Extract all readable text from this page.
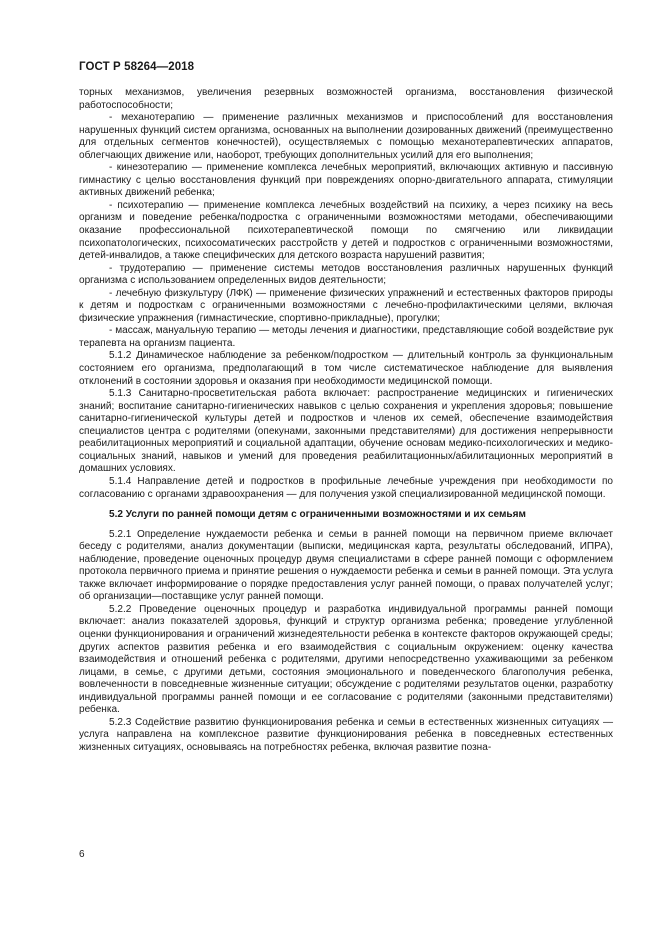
ГОСТ Р 58264—2018

торных механизмов, увеличения резервных возможностей организма, восстановления физической работоспособности;

- механотерапию — применение различных механизмов и приспособлений для восстановления нарушенных функций систем организма, основанных на выполнении дозированных движений (преимущественно для отдельных сегментов конечностей), осуществляемых с помощью механотерапевтических аппаратов, облегчающих движение или, наоборот, требующих дополнительных усилий для его выполнения;

- кинезотерапию — применение комплекса лечебных мероприятий, включающих активную и пассивную гимнастику с целью восстановления функций при повреждениях опорно-двигательного аппарата, стимуляции активных движений ребенка;

- психотерапию — применение комплекса лечебных воздействий на психику, а через психику на весь организм и поведение ребенка/подростка с ограниченными возможностями методами, обеспечивающими оказание профессиональной психотерапевтической помощи по смягчению или ликвидации психопатологических, психосоматических расстройств у детей и подростков с ограниченными возможностями, детей-инвалидов, а также специфических для детского возраста нарушений развития;

- трудотерапию — применение системы методов восстановления различных нарушенных функций организма с использованием определенных видов деятельности;

- лечебную физкультуру (ЛФК) — применение физических упражнений и естественных факторов природы к детям и подросткам с ограниченными возможностями с лечебно-профилактическими целями, включая физические упражнения (гимнастические, спортивно-прикладные), прогулки;

- массаж, мануальную терапию — методы лечения и диагностики, представляющие собой воздействие рук терапевта на организм пациента.

5.1.2 Динамическое наблюдение за ребенком/подростком — длительный контроль за функциональным состоянием его организма, предполагающий в том числе систематическое наблюдение для выявления отклонений в состоянии здоровья и оказания при необходимости медицинской помощи.

5.1.3 Санитарно-просветительская работа включает: распространение медицинских и гигиенических знаний; воспитание санитарно-гигиенических навыков с целью сохранения и укрепления здоровья; повышение санитарно-гигиенической культуры детей и подростков и членов их семей, обеспечение взаимодействия специалистов центра с родителями (опекунами, законными представителями) для достижения непрерывности реабилитационных мероприятий и социальной адаптации, обучение основам медико-психологических и медико-социальных знаний, навыков и умений для проведения реабилитационных/абилитационных мероприятий в домашних условиях.

5.1.4 Направление детей и подростков в профильные лечебные учреждения при необходимости по согласованию с органами здравоохранения — для получения узкой специализированной медицинской помощи.

5.2 Услуги по ранней помощи детям с ограниченными возможностями и их семьям

5.2.1 Определение нуждаемости ребенка и семьи в ранней помощи на первичном приеме включает беседу с родителями, анализ документации (выписки, медицинская карта, результаты обследований, ИПРА), наблюдение, проведение оценочных процедур двумя специалистами в сфере ранней помощи с оформлением протокола первичного приема и принятие решения о нуждаемости ребенка и семьи в ранней помощи. Эта услуга также включает информирование о порядке предоставления услуг ранней помощи, о правах получателей услуг; об организации—поставщике услуг ранней помощи.

5.2.2 Проведение оценочных процедур и разработка индивидуальной программы ранней помощи включает: анализ показателей здоровья, функций и структур организма ребенка; проведение углубленной оценки функционирования и ограничений жизнедеятельности ребенка в контексте факторов окружающей среды; других аспектов развития ребенка и его взаимодействия с социальным окружением: оценку качества взаимодействия и отношений ребенка с родителями, другими непосредственно ухаживающими за ребенком лицами, в семье, с другими детьми, состояния эмоционального и поведенческого благополучия ребенка, вовлеченности в повседневные жизненные ситуации; обсуждение с родителями результатов оценки, разработку индивидуальной программы ранней помощи и ее согласование с родителями (законными представителями) ребенка.

5.2.3 Содействие развитию функционирования ребенка и семьи в естественных жизненных ситуациях — услуга направлена на комплексное развитие функционирования ребенка в повседневных естественных жизненных ситуациях, основываясь на потребностях ребенка, включая развитие позна-

6
